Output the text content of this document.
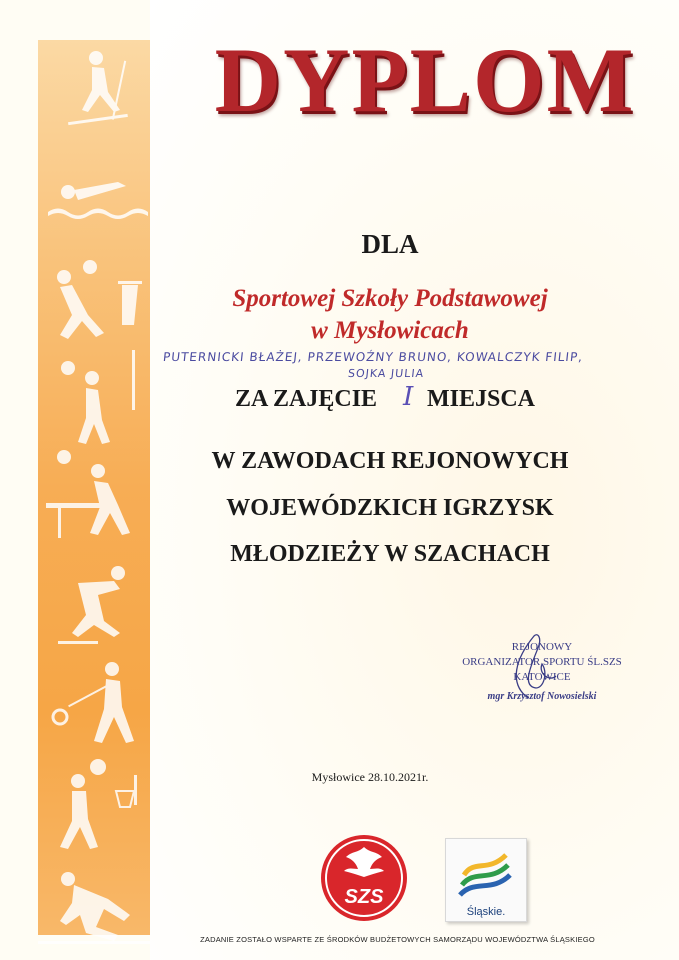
DYPLOM
DLA
Sportowej Szkoły Podstawowej
w Mysłowicach
PUTERNICKI BŁAŻEJ, PRZEWOŹNY BRUNO, KOWALCZYK FILIP,
SOJKA JULIA
ZA ZAJĘCIE I MIEJSCA
W ZAWODACH REJONOWYCH
WOJEWÓDZKICH IGRZYSK
MŁODZIEŻY W SZACHACH
REJONOWY
ORGANIZATOR SPORTU ŚL.SZS
KATOWICE
mgr Krzysztof Nowosielski
Mysłowice 28.10.2021r.
SZS
Śląskie.
ZADANIE ZOSTAŁO WSPARTE ZE ŚRODKÓW BUDŻETOWYCH SAMORZĄDU WOJEWÓDZTWA ŚLĄSKIEGO
